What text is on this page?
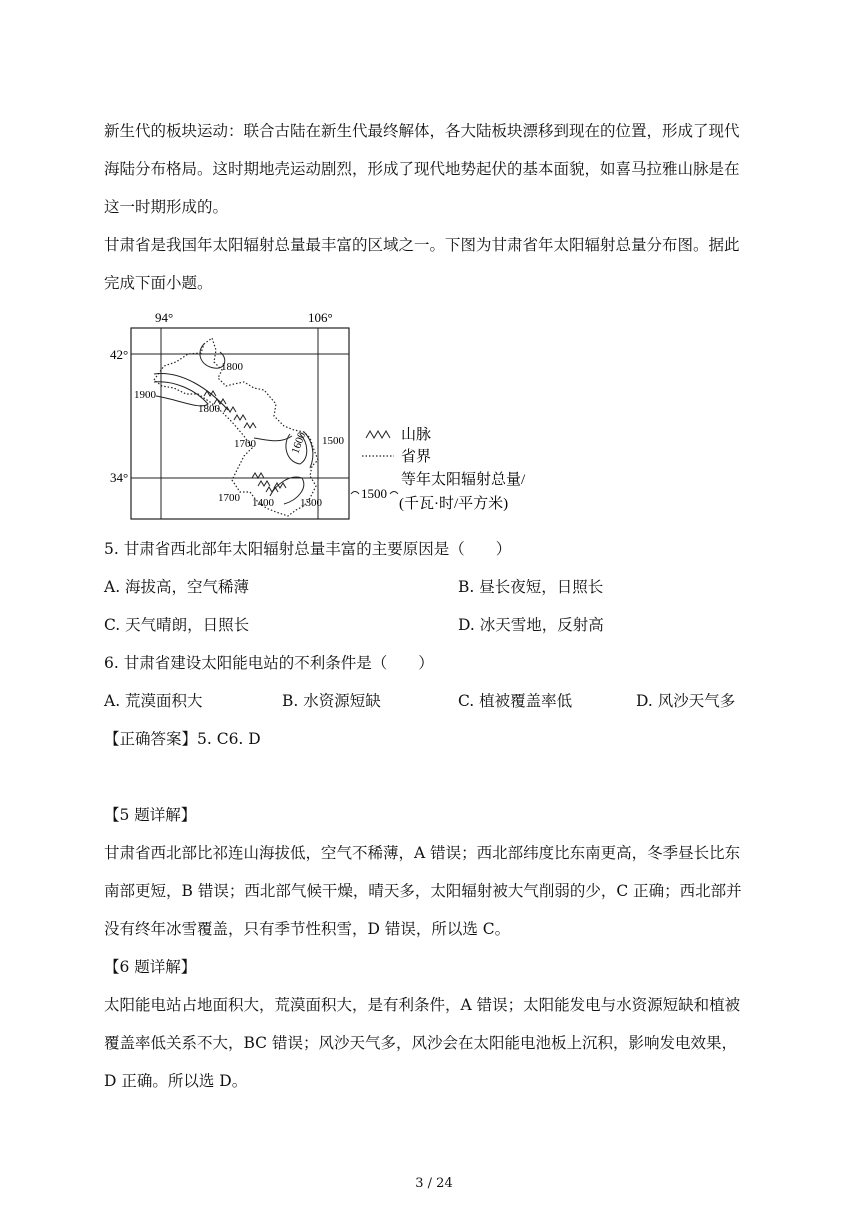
新生代的板块运动：联合古陆在新生代最终解体，各大陆板块漂移到现在的位置，形成了现代
海陆分布格局。这时期地壳运动剧烈，形成了现代地势起伏的基本面貌，如喜马拉雅山脉是在
这一时期形成的。
甘肃省是我国年太阳辐射总量最丰富的区域之一。下图为甘肃省年太阳辐射总量分布图。据此
完成下面小题。
94°	106°
42°
34°
1800
1900
1800
1700	1600 1500
1700 1400 1300
山脉
省界
1500
等年太阳辐射总量/
(千瓦·时/平方米)
5. 甘肃省西北部年太阳辐射总量丰富的主要原因是（　　）
A. 海拔高，空气稀薄	B. 昼长夜短，日照长
C. 天气晴朗，日照长	D. 冰天雪地，反射高
6. 甘肃省建设太阳能电站的不利条件是（　　）
A. 荒漠面积大	B. 水资源短缺	C. 植被覆盖率低	D. 风沙天气多
【正确答案】5. C6. D
【5 题详解】
甘肃省西北部比祁连山海拔低，空气不稀薄，A 错误；西北部纬度比东南更高，冬季昼长比东
南部更短，B 错误；西北部气候干燥，晴天多，太阳辐射被大气削弱的少，C 正确；西北部并
没有终年冰雪覆盖，只有季节性积雪，D 错误，所以选 C。
【6 题详解】
太阳能电站占地面积大，荒漠面积大，是有利条件，A 错误；太阳能发电与水资源短缺和植被
覆盖率低关系不大，BC 错误；风沙天气多，风沙会在太阳能电池板上沉积，影响发电效果，
D 正确。所以选 D。
3 / 24
